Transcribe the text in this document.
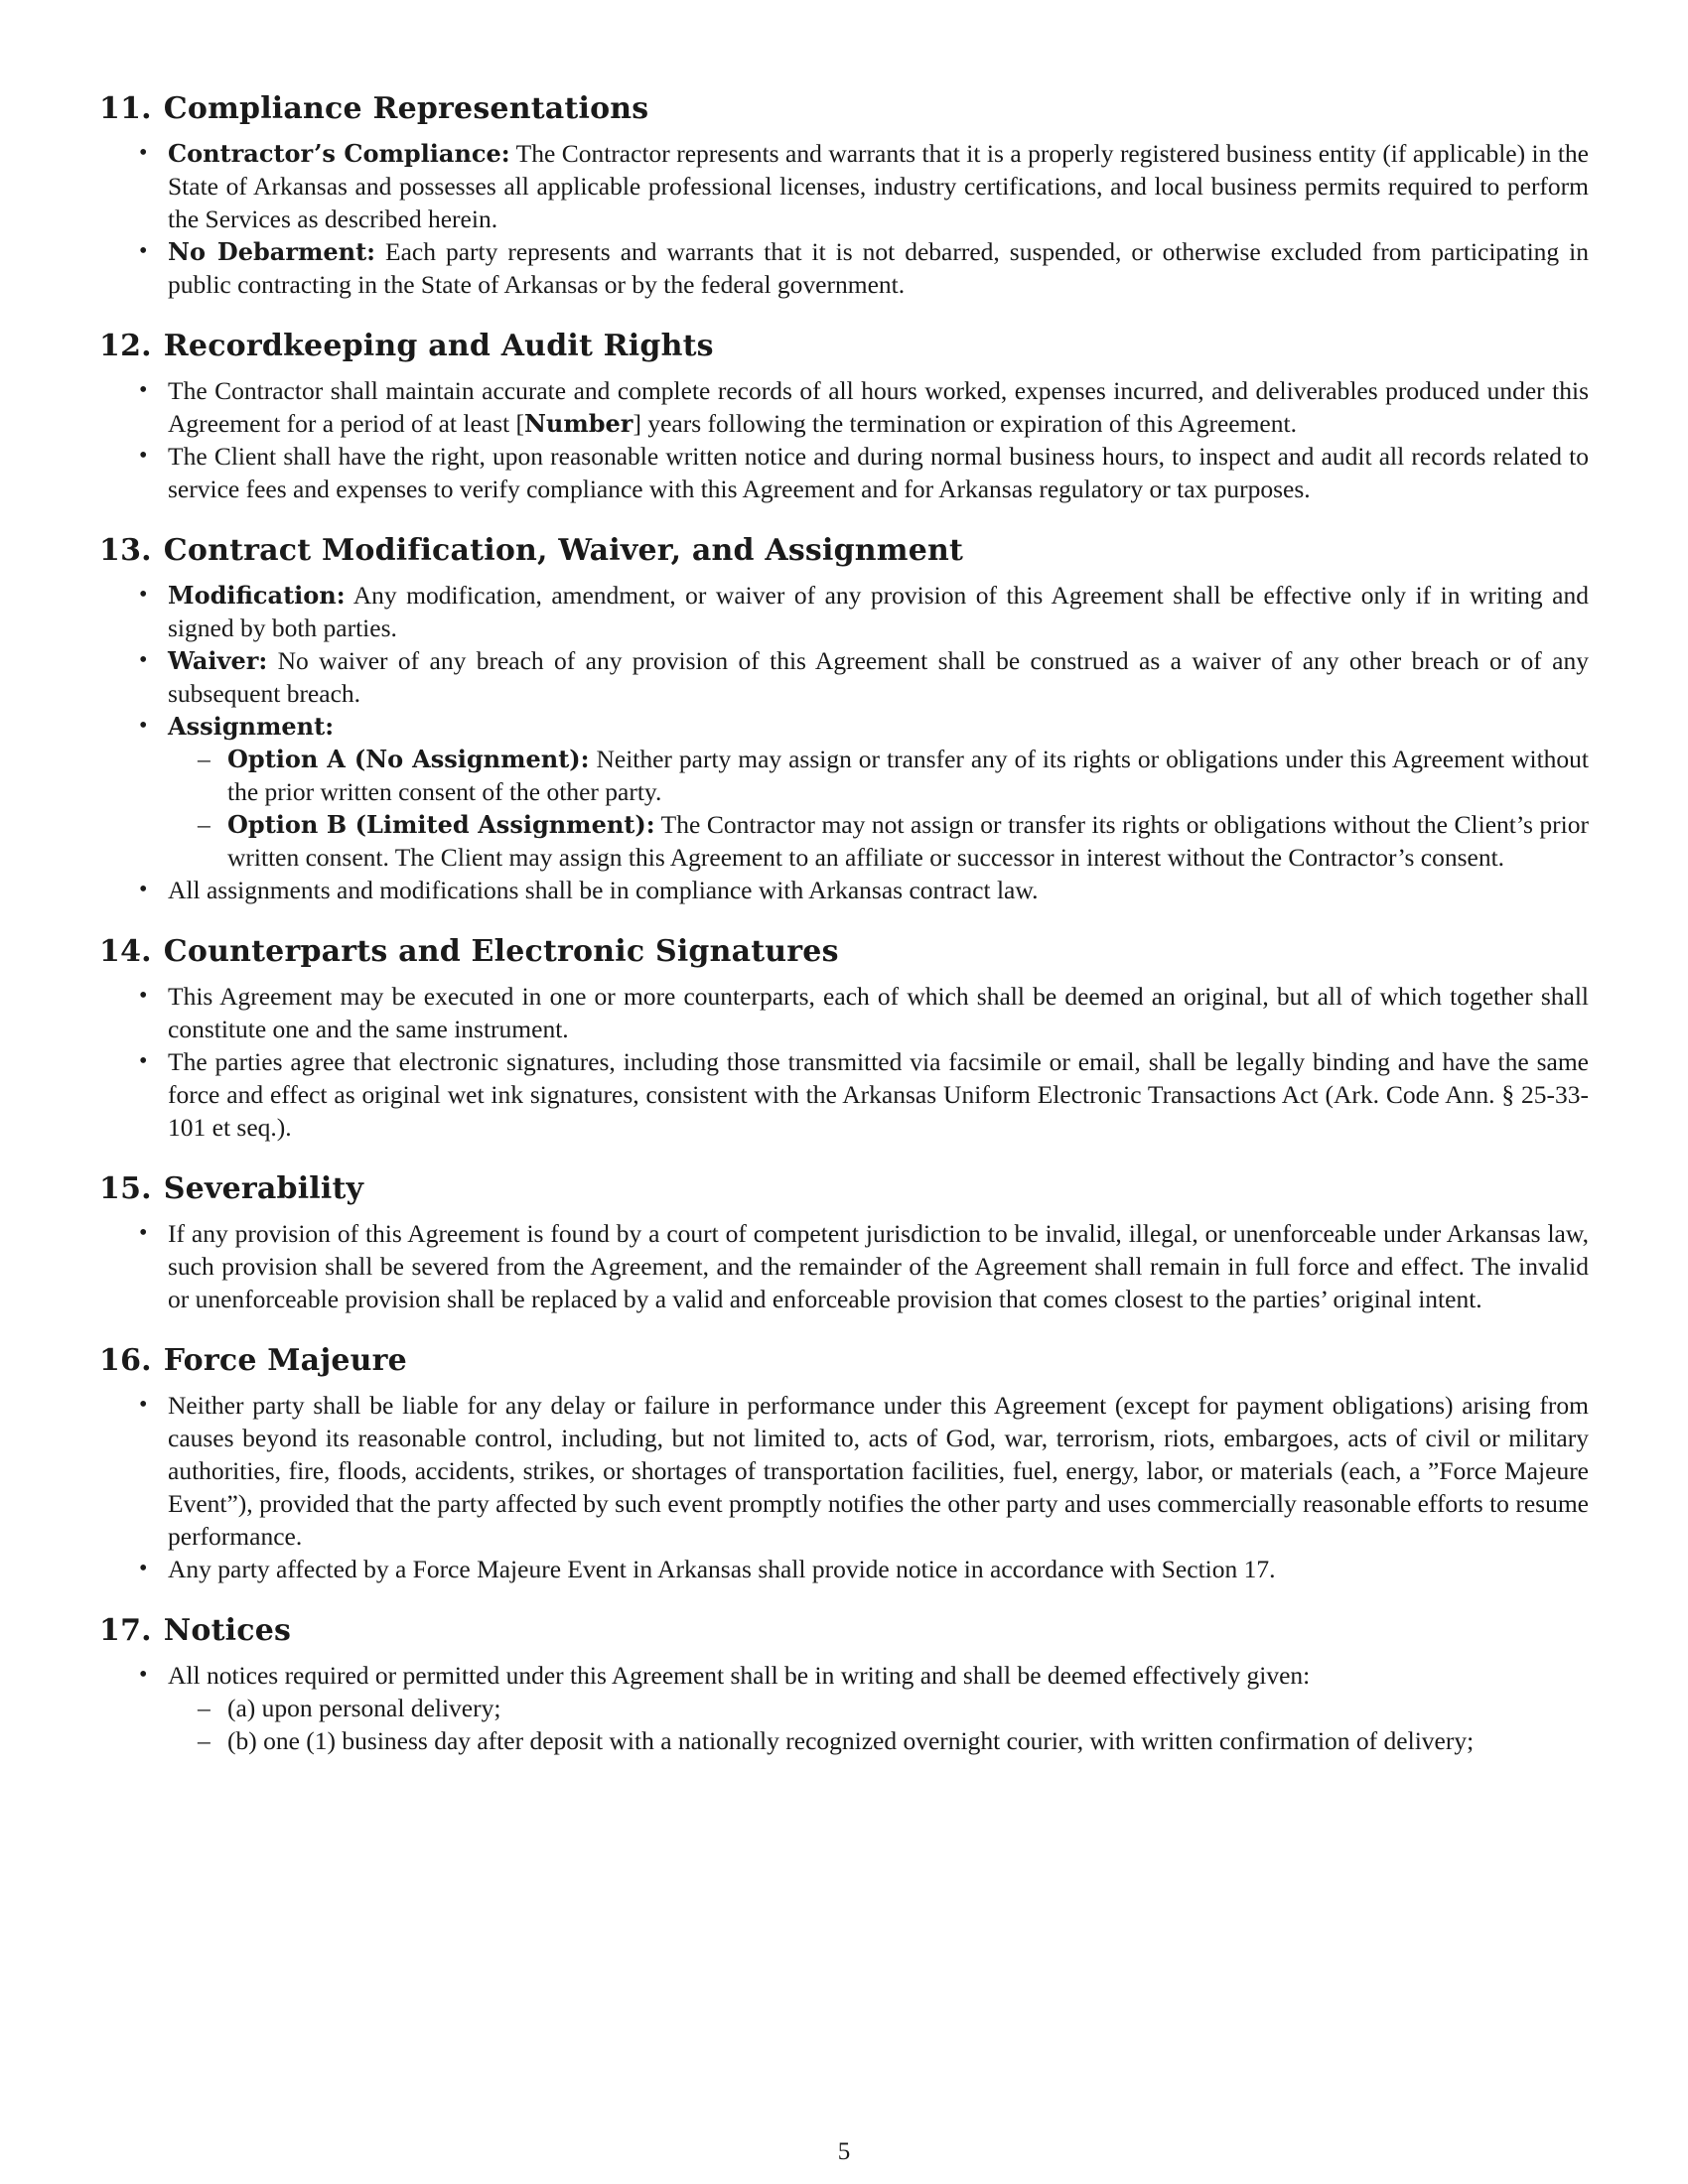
11. Compliance Representations
• Contractor’s Compliance: The Contractor represents and warrants that it is a properly registered business entity (if applicable) in the State of Arkansas and possesses all applicable professional licenses, industry certifications, and local business permits required to perform the Services as described herein.
• No Debarment: Each party represents and warrants that it is not debarred, suspended, or otherwise excluded from participating in public contracting in the State of Arkansas or by the federal government.
12. Recordkeeping and Audit Rights
• The Contractor shall maintain accurate and complete records of all hours worked, expenses incurred, and deliverables produced under this Agreement for a period of at least [Number] years following the termination or expiration of this Agreement.
• The Client shall have the right, upon reasonable written notice and during normal business hours, to inspect and audit all records related to service fees and expenses to verify compliance with this Agreement and for Arkansas regulatory or tax purposes.
13. Contract Modification, Waiver, and Assignment
• Modification: Any modification, amendment, or waiver of any provision of this Agreement shall be effective only if in writing and signed by both parties.
• Waiver: No waiver of any breach of any provision of this Agreement shall be construed as a waiver of any other breach or of any subsequent breach.
• Assignment:
– Option A (No Assignment): Neither party may assign or transfer any of its rights or obligations under this Agreement without the prior written consent of the other party.
– Option B (Limited Assignment): The Contractor may not assign or transfer its rights or obligations without the Client’s prior written consent. The Client may assign this Agreement to an affiliate or successor in interest without the Contractor’s consent.
• All assignments and modifications shall be in compliance with Arkansas contract law.
14. Counterparts and Electronic Signatures
• This Agreement may be executed in one or more counterparts, each of which shall be deemed an original, but all of which together shall constitute one and the same instrument.
• The parties agree that electronic signatures, including those transmitted via facsimile or email, shall be legally binding and have the same force and effect as original wet ink signatures, consistent with the Arkansas Uniform Electronic Transactions Act (Ark. Code Ann. § 25-33-101 et seq.).
15. Severability
• If any provision of this Agreement is found by a court of competent jurisdiction to be invalid, illegal, or unenforceable under Arkansas law, such provision shall be severed from the Agreement, and the remainder of the Agreement shall remain in full force and effect. The invalid or unenforceable provision shall be replaced by a valid and enforceable provision that comes closest to the parties’ original intent.
16. Force Majeure
• Neither party shall be liable for any delay or failure in performance under this Agreement (except for payment obligations) arising from causes beyond its reasonable control, including, but not limited to, acts of God, war, terrorism, riots, embargoes, acts of civil or military authorities, fire, floods, accidents, strikes, or shortages of transportation facilities, fuel, energy, labor, or materials (each, a ”Force Majeure Event”), provided that the party affected by such event promptly notifies the other party and uses commercially reasonable efforts to resume performance.
• Any party affected by a Force Majeure Event in Arkansas shall provide notice in accordance with Section 17.
17. Notices
• All notices required or permitted under this Agreement shall be in writing and shall be deemed effectively given:
– (a) upon personal delivery;
– (b) one (1) business day after deposit with a nationally recognized overnight courier, with written confirmation of delivery;
5
